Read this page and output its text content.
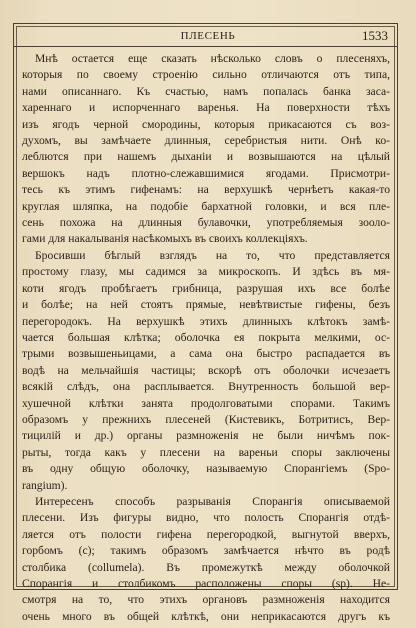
ПЛЕСЕНЬ	1533
Мнѣ остается еще сказать нѣсколько словъ о плесеняхъ,
которыя по своему строенію сильно отличаются отъ типа,
нами описаннаго. Къ счастью, намъ попалась банка заса-
хареннаго и испорченнаго варенья. На поверхности тѣхъ
изъ ягодъ черной смородины, которыя прикасаются съ воз-
духомъ, вы замѣчаете длинныя, серебристыя нити. Онѣ ко-
леблются при нашемъ дыханіи и возвышаются на цѣлый
вершокъ надъ плотно-слежавшимися ягодами. Присмотри-
тесь къ этимъ гифенамъ: на верхушкѣ чернѣетъ какая-то
круглая шляпка, на подобіе бархатной головки, и вся пле-
сень похожа на длинныя булавочки, употребляемыя зооло-
гами для накалыванія насѣкомыхъ въ своихъ коллекціяхъ.
Бросивши бѣглый взглядъ на то, что представляется
простому глазу, мы садимся за микроскопъ. И здѣсь въ мя-
коти ягодъ пробѣгаетъ грибница, разрушая ихъ все болѣе
и болѣе; на ней стоятъ прямые, невѣтвистые гифены, безъ
перегородокъ. На верхушкѣ этихъ длинныхъ клѣтокъ замѣ-
чается большая клѣтка; оболочка ея покрыта мелкими, ос-
трыми возвышеньицами, а сама она быстро распадается въ
водѣ на мельчайшія частицы; вскорѣ отъ оболочки исчезаетъ
всякій слѣдъ, она расплывается. Внутренность большой вер-
хушечной клѣтки занята продолговатыми спорами. Такимъ
образомъ у прежнихъ плесеней (Кистевикъ, Ботритисъ, Вер-
тицилій и др.) органы размноженія не были ничѣмъ пок-
рыты, тогда какъ у плесени на вареньи споры заключены
въ одну общую оболочку, называемую Спорангіемъ (Spo-
rangium).
Интересенъ способъ разрыванія Спорангія описываемой
плесени. Изъ фигуры видно, что полость Спорангія отдѣ-
ляется отъ полости гифена перегородкой, выгнутой вверхъ,
горбомъ (c); такимъ образомъ замѣчается нѣчто въ родѣ
столбика (collumela). Въ промежуткѣ между оболочкой
Спорангія и столбикомъ расположены споры (sp). Не-
смотря на то, что этихъ органовъ размноженія находится
очень много въ общей клѣткѣ, они неприкасаются другъ къ
